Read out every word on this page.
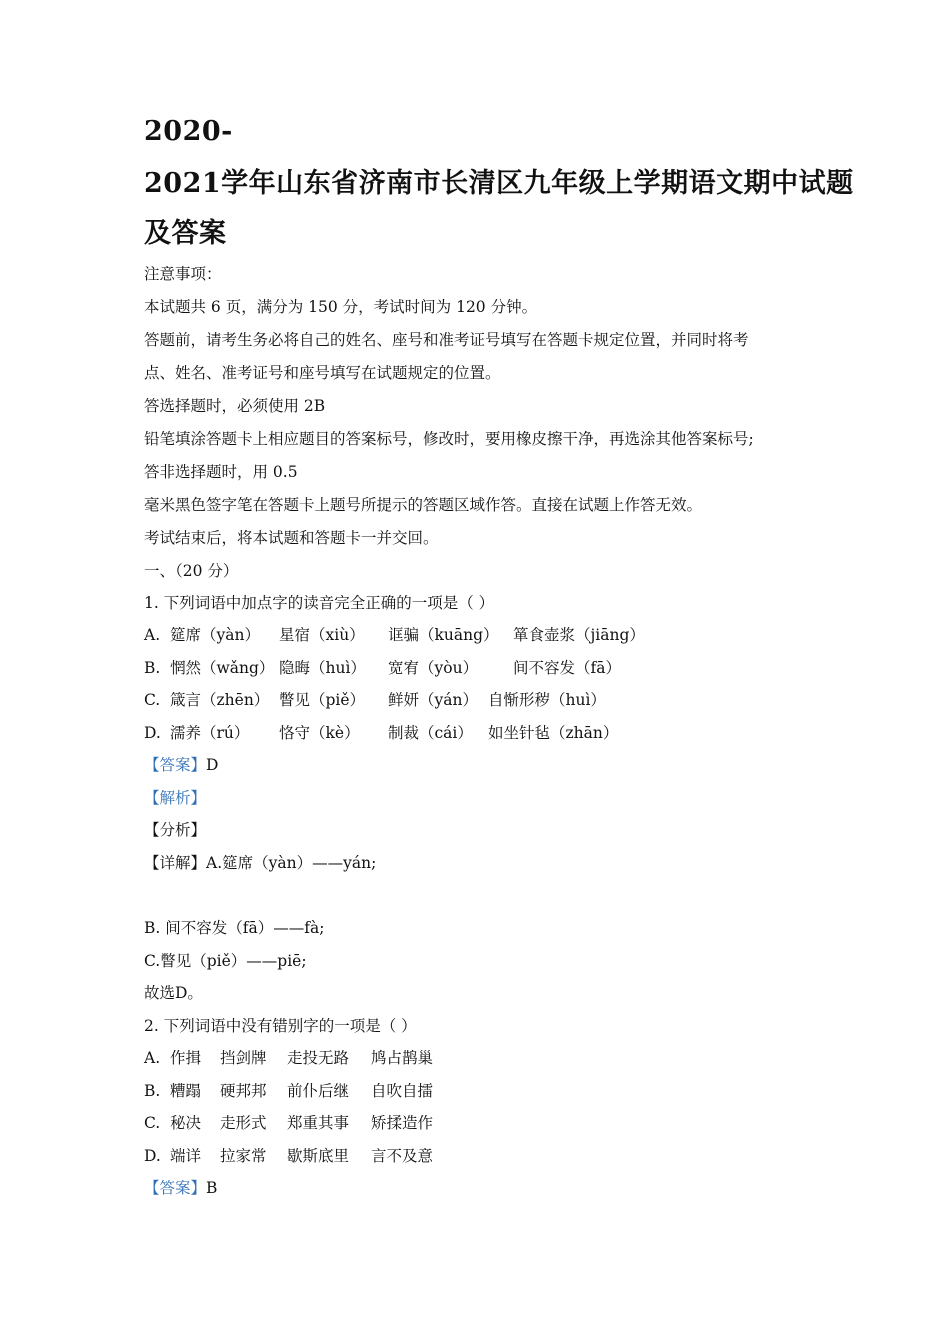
2020-
2021学年山东省济南市长清区九年级上学期语文期中试题
及答案
注意事项：
本试题共 6 页，满分为 150 分，考试时间为 120 分钟。
答题前，请考生务必将自己的姓名、座号和准考证号填写在答题卡规定位置，并同时将考
点、姓名、准考证号和座号填写在试题规定的位置。
答选择题时，必须使用 2B
铅笔填涂答题卡上相应题目的答案标号，修改时，要用橡皮擦干净，再选涂其他答案标号;
答非选择题时，用 0.5
毫米黑色签字笔在答题卡上题号所提示的答题区域作答。直接在试题上作答无效。
考试结束后，将本试题和答题卡一并交回。
一、（20 分）
1. 下列词语中加点字的读音完全正确的一项是（ ）
A. 筵席（yàn） 星宿（xiù） 诓骗（kuāng） 箪食壶浆（jiāng）
B. 惘然（wǎng） 隐晦（huì） 宽宥（yòu） 间不容发（fā）
C. 箴言（zhēn） 瞥见（piě） 鲜妍（yán） 自惭形秽（huì）
D. 濡养（rú） 恪守（kè） 制裁（cái） 如坐针毡（zhān）
【答案】D
【解析】
【分析】
【详解】A.筵席（yàn）——yán;
B. 间不容发（fā）——fà;
C.瞥见（piě）——piē;
故选D。
2. 下列词语中没有错别字的一项是（ ）
A. 作揖 挡剑牌 走投无路 鸠占鹊巢
B. 糟蹋 硬邦邦 前仆后继 自吹自擂
C. 秘决 走形式 郑重其事 矫揉造作
D. 端详 拉家常 歇斯底里 言不及意
【答案】B
